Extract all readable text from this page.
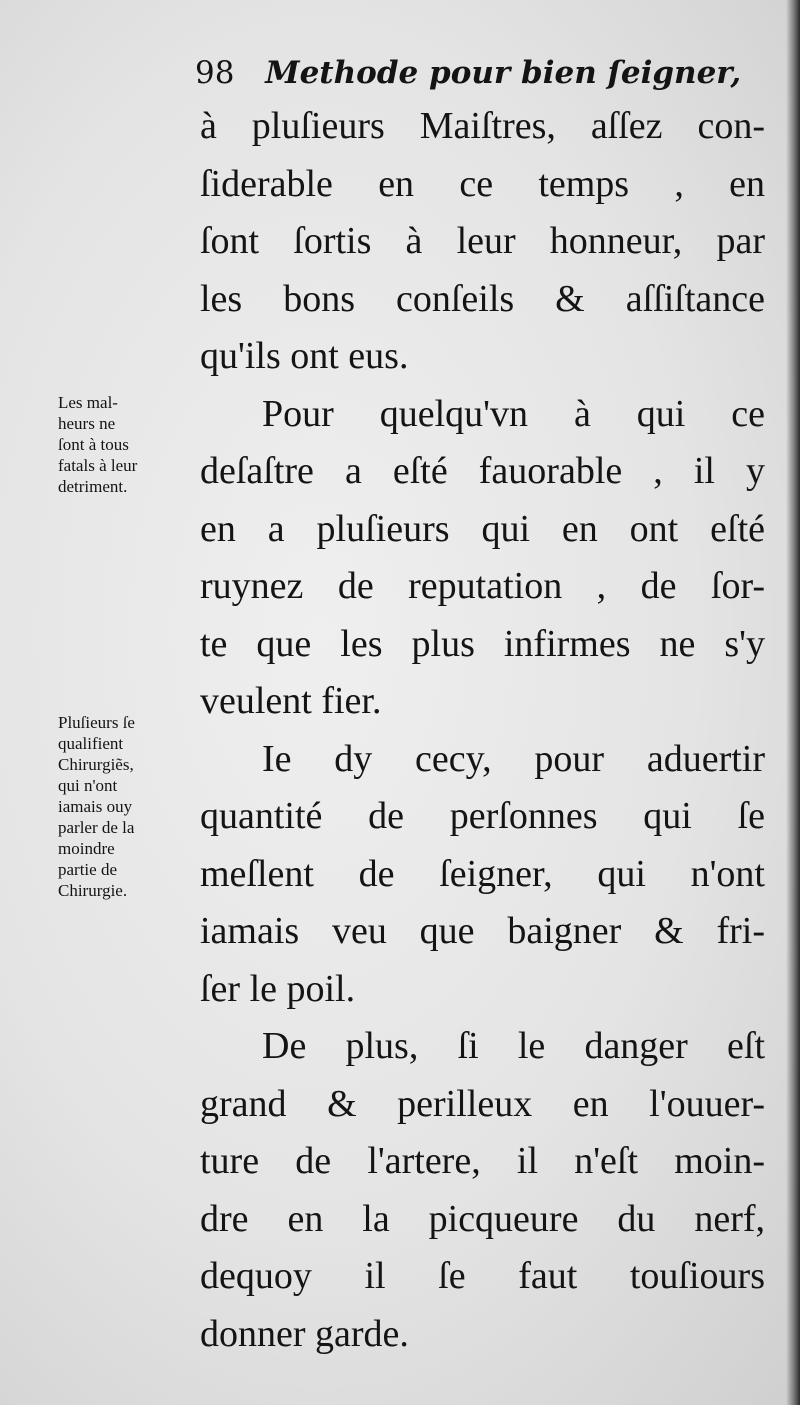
98 Methode pour bien ſeigner,
à pluſieurs Maiſtres, aſſez con-
ſiderable en ce temps , en
ſont ſortis à leur honneur, par
les bons conſeils & aſſiſtance
qu'ils ont eus.
Pour quelqu'vn à qui ce
deſaſtre a eſté fauorable , il y
en a pluſieurs qui en ont eſté
ruynez de reputation , de ſor-
te que les plus infirmes ne s'y
veulent fier.
Ie dy cecy, pour aduertir
quantité de perſonnes qui ſe
meſlent de ſeigner, qui n'ont
iamais veu que baigner & fri-
ſer le poil.
De plus, ſi le danger eſt
grand & perilleux en l'ouuer-
ture de l'artere, il n'eſt moin-
dre en la picqueure du nerf,
dequoy il ſe faut touſiours
donner garde.
Les mal-
heurs ne
ſont à tous
fatals à leur
detriment.
Pluſieurs ſe
qualifient
Chirurgiẽs,
qui n'ont
iamais ouy
parler de la
moindre
partie de
Chirurgie.
